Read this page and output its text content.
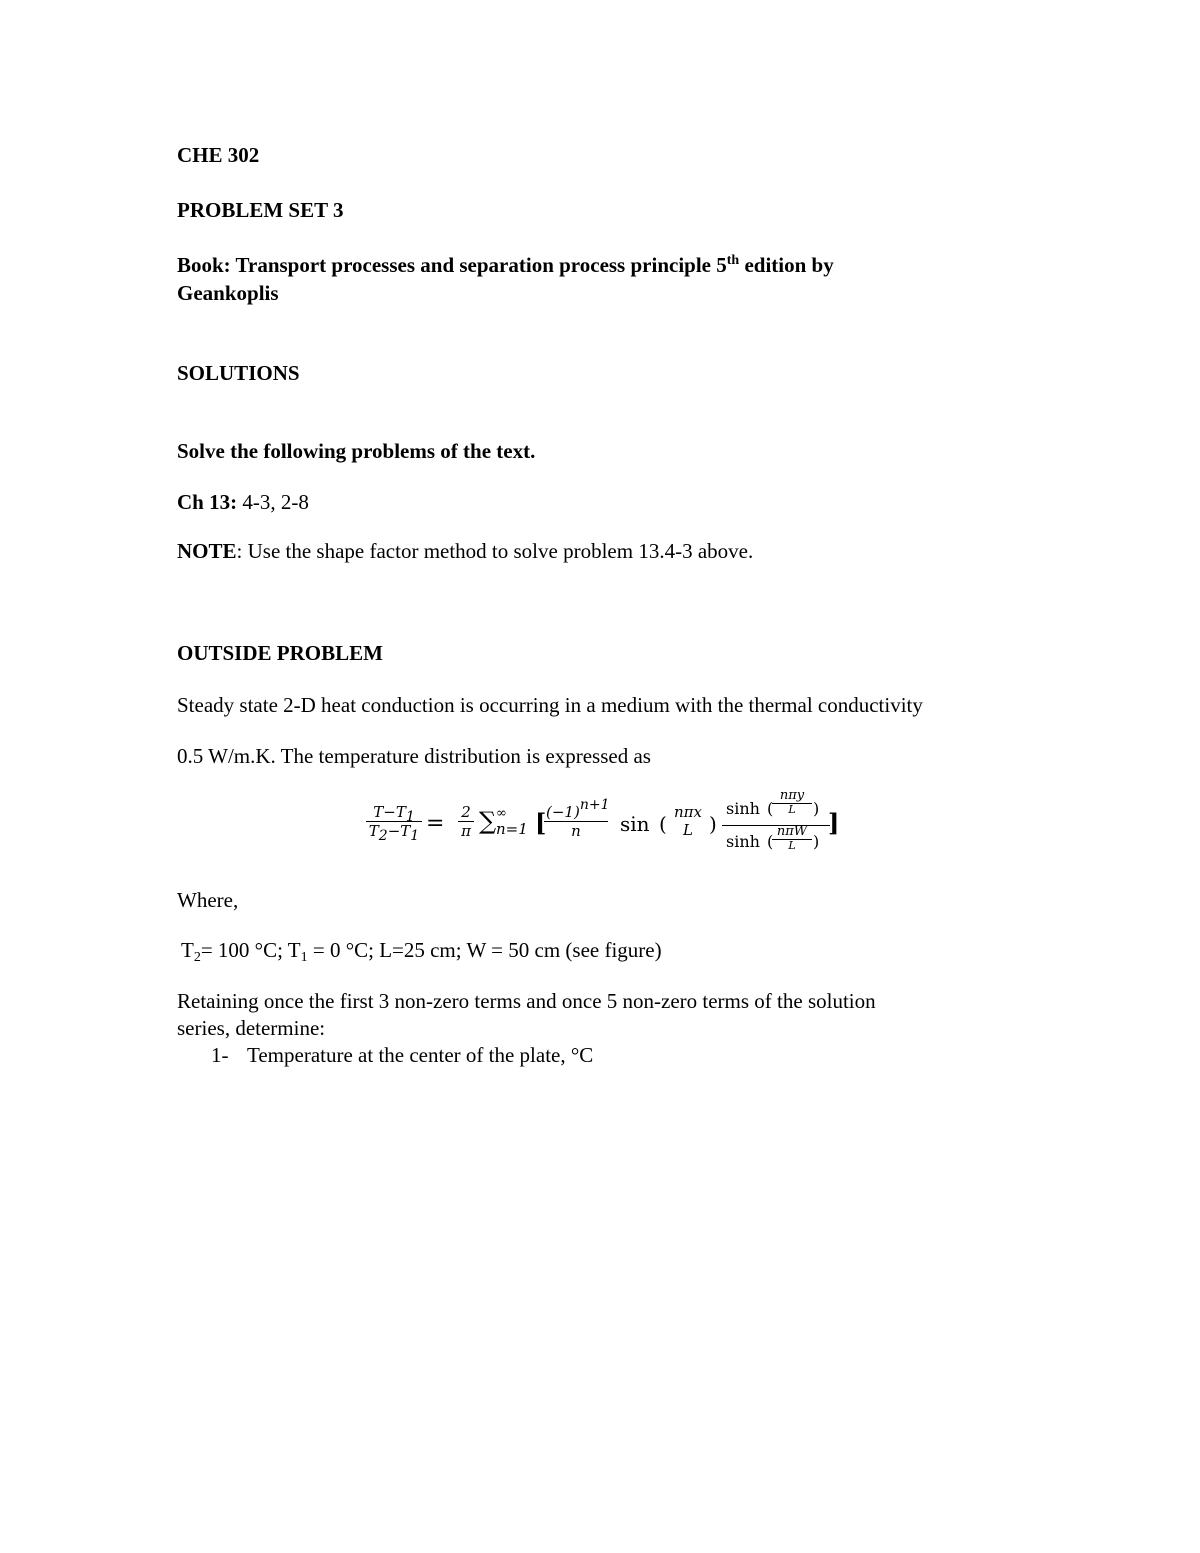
CHE 302
PROBLEM SET 3
Book: Transport processes and separation process principle 5th edition by
Geankoplis
SOLUTIONS
Solve the following problems of the text.
Ch 13: 4-3, 2-8
NOTE: Use the shape factor method to solve problem 13.4-3 above.
OUTSIDE PROBLEM
Steady state 2-D heat conduction is occurring in a medium with the thermal conductivity
0.5 W/m.K. The temperature distribution is expressed as
$\frac{T-T_1}{T_2-T_1} = \frac{2}{\pi}$ ∑ ∞
n=1 [
$\frac{(-1)^{n+1}}{n}$ sin ( nπx
L )
sinh (
nπy
L	)
sinh (
nπW
L	)
]
Where,
$T_2= 100$ °C; $T_1 = 0$ °C; L=25 cm; W = 50 cm (see figure)
Retaining once the first 3 non-zero terms and once 5 non-zero terms of the solution
series, determine:
1- Temperature at the center of the plate, °C
